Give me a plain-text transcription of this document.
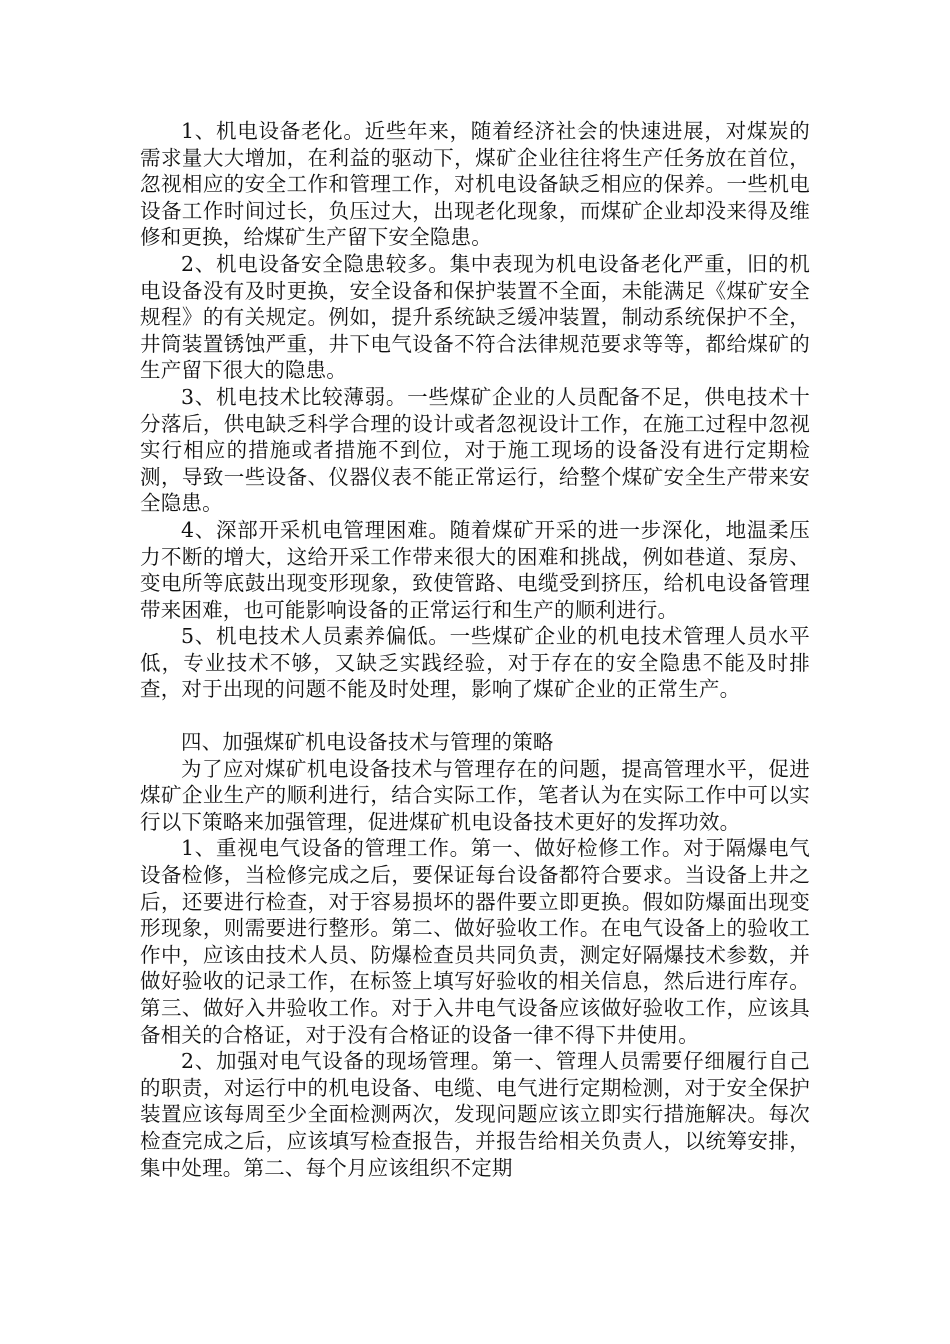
1、机电设备老化。近些年来，随着经济社会的快速进展，对煤炭的需求量大大增加，在利益的驱动下，煤矿企业往往将生产任务放在首位，忽视相应的安全工作和管理工作，对机电设备缺乏相应的保养。一些机电设备工作时间过长，负压过大，出现老化现象，而煤矿企业却没来得及维修和更换，给煤矿生产留下安全隐患。

2、机电设备安全隐患较多。集中表现为机电设备老化严重，旧的机电设备没有及时更换，安全设备和保护装置不全面，未能满足《煤矿安全规程》的有关规定。例如，提升系统缺乏缓冲装置，制动系统保护不全，井筒装置锈蚀严重，井下电气设备不符合法律规范要求等等，都给煤矿的生产留下很大的隐患。

3、机电技术比较薄弱。一些煤矿企业的人员配备不足，供电技术十分落后，供电缺乏科学合理的设计或者忽视设计工作，在施工过程中忽视实行相应的措施或者措施不到位，对于施工现场的设备没有进行定期检测，导致一些设备、仪器仪表不能正常运行，给整个煤矿安全生产带来安全隐患。

4、深部开采机电管理困难。随着煤矿开采的进一步深化，地温柔压力不断的增大，这给开采工作带来很大的困难和挑战，例如巷道、泵房、变电所等底鼓出现变形现象，致使管路、电缆受到挤压，给机电设备管理带来困难，也可能影响设备的正常运行和生产的顺利进行。

5、机电技术人员素养偏低。一些煤矿企业的机电技术管理人员水平低，专业技术不够，又缺乏实践经验，对于存在的安全隐患不能及时排查，对于出现的问题不能及时处理，影响了煤矿企业的正常生产。

四、加强煤矿机电设备技术与管理的策略

为了应对煤矿机电设备技术与管理存在的问题，提高管理水平，促进煤矿企业生产的顺利进行，结合实际工作，笔者认为在实际工作中可以实行以下策略来加强管理，促进煤矿机电设备技术更好的发挥功效。

1、重视电气设备的管理工作。第一、做好检修工作。对于隔爆电气设备检修，当检修完成之后，要保证每台设备都符合要求。当设备上井之后，还要进行检查，对于容易损坏的器件要立即更换。假如防爆面出现变形现象，则需要进行整形。第二、做好验收工作。在电气设备上的验收工作中，应该由技术人员、防爆检查员共同负责，测定好隔爆技术参数，并做好验收的记录工作，在标签上填写好验收的相关信息，然后进行库存。第三、做好入井验收工作。对于入井电气设备应该做好验收工作，应该具备相关的合格证，对于没有合格证的设备一律不得下井使用。

2、加强对电气设备的现场管理。第一、管理人员需要仔细履行自己的职责，对运行中的机电设备、电缆、电气进行定期检测，对于安全保护装置应该每周至少全面检测两次，发现问题应该立即实行措施解决。每次检查完成之后，应该填写检查报告，并报告给相关负责人，以统筹安排，集中处理。第二、每个月应该组织不定期
